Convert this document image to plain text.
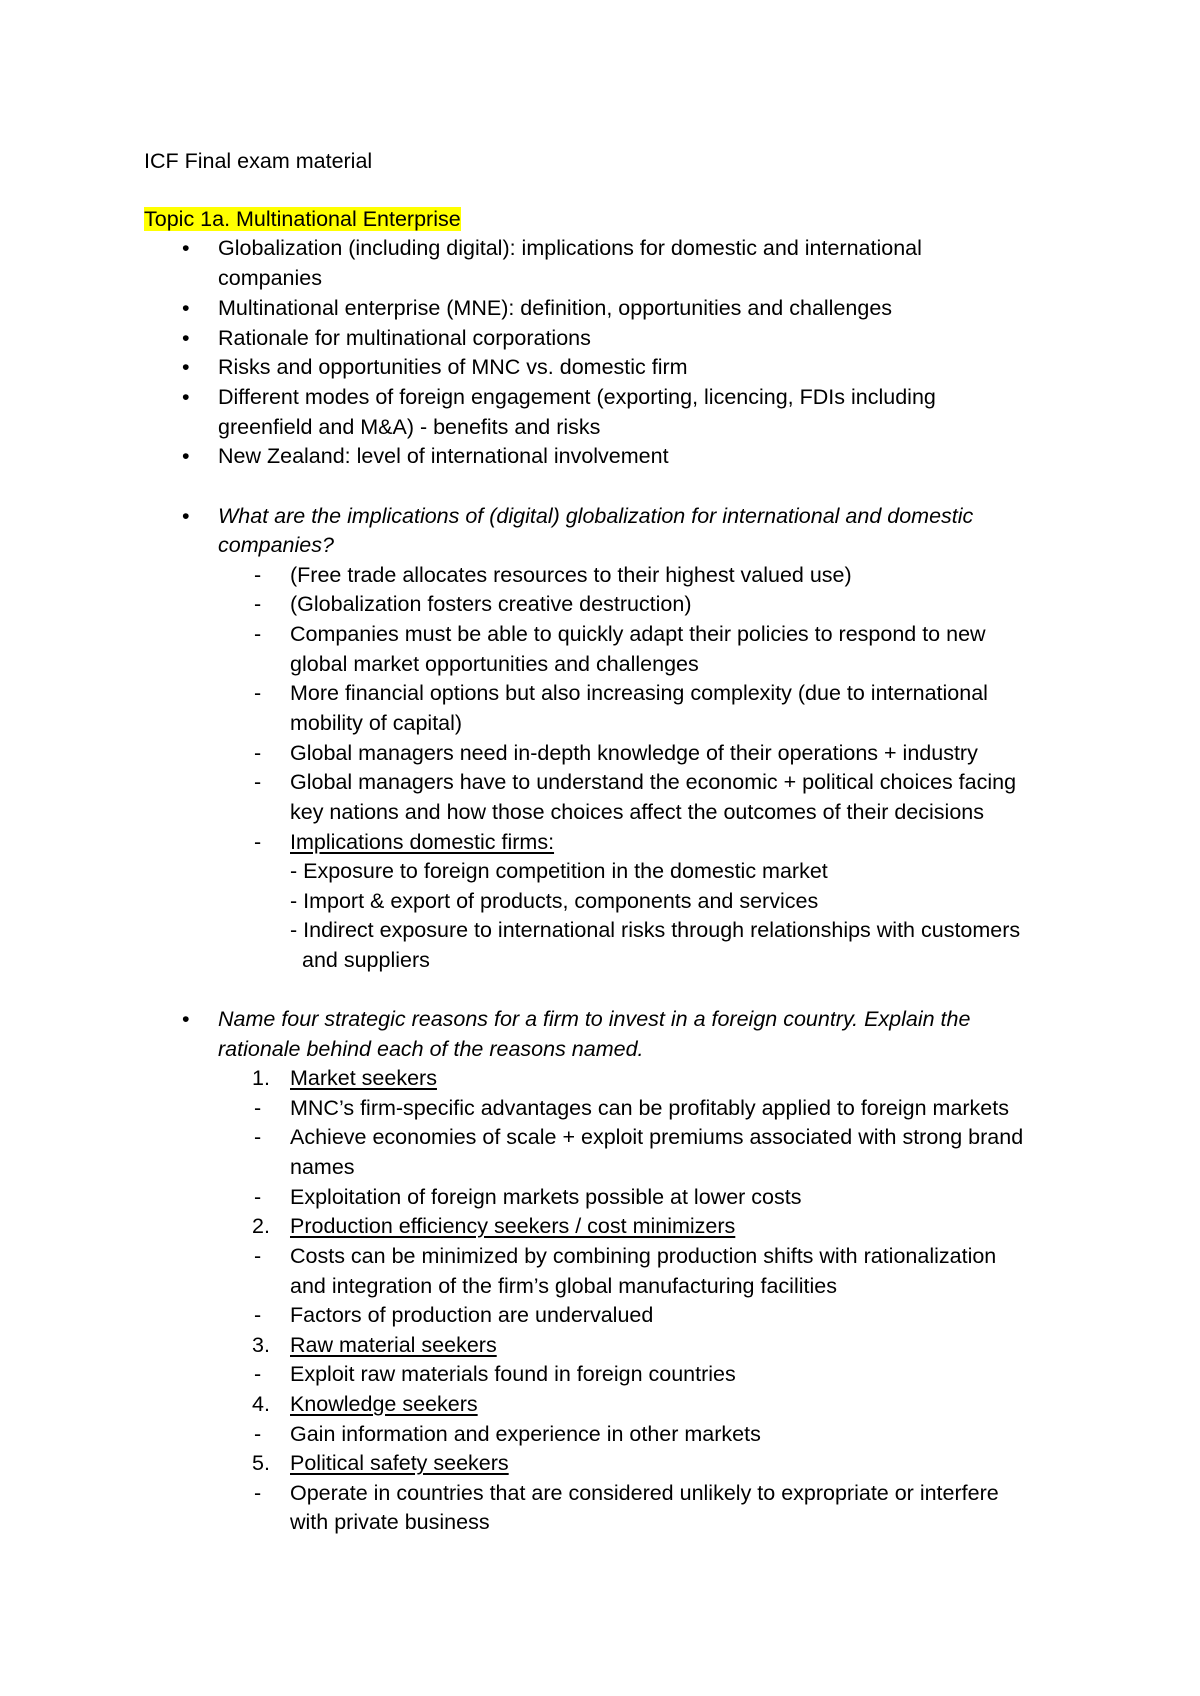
ICF Final exam material
Topic 1a. Multinational Enterprise
• Globalization (including digital): implications for domestic and international
companies
• Multinational enterprise (MNE): definition, opportunities and challenges
• Rationale for multinational corporations
• Risks and opportunities of MNC vs. domestic firm
• Different modes of foreign engagement (exporting, licencing, FDIs including
greenfield and M&A) - benefits and risks
• New Zealand: level of international involvement
• What are the implications of (digital) globalization for international and domestic
companies?
- (Free trade allocates resources to their highest valued use)
- (Globalization fosters creative destruction)
- Companies must be able to quickly adapt their policies to respond to new
global market opportunities and challenges
- More financial options but also increasing complexity (due to international
mobility of capital)
- Global managers need in-depth knowledge of their operations + industry
- Global managers have to understand the economic + political choices facing
key nations and how those choices affect the outcomes of their decisions
- Implications domestic firms:
- Exposure to foreign competition in the domestic market
- Import & export of products, components and services
- Indirect exposure to international risks through relationships with customers
and suppliers
• Name four strategic reasons for a firm to invest in a foreign country. Explain the
rationale behind each of the reasons named.
1. Market seekers
- MNC’s firm-specific advantages can be profitably applied to foreign markets
- Achieve economies of scale + exploit premiums associated with strong brand
names
- Exploitation of foreign markets possible at lower costs
2. Production efficiency seekers / cost minimizers
- Costs can be minimized by combining production shifts with rationalization
and integration of the firm’s global manufacturing facilities
- Factors of production are undervalued
3. Raw material seekers
- Exploit raw materials found in foreign countries
4. Knowledge seekers
- Gain information and experience in other markets
5. Political safety seekers
- Operate in countries that are considered unlikely to expropriate or interfere
with private business
